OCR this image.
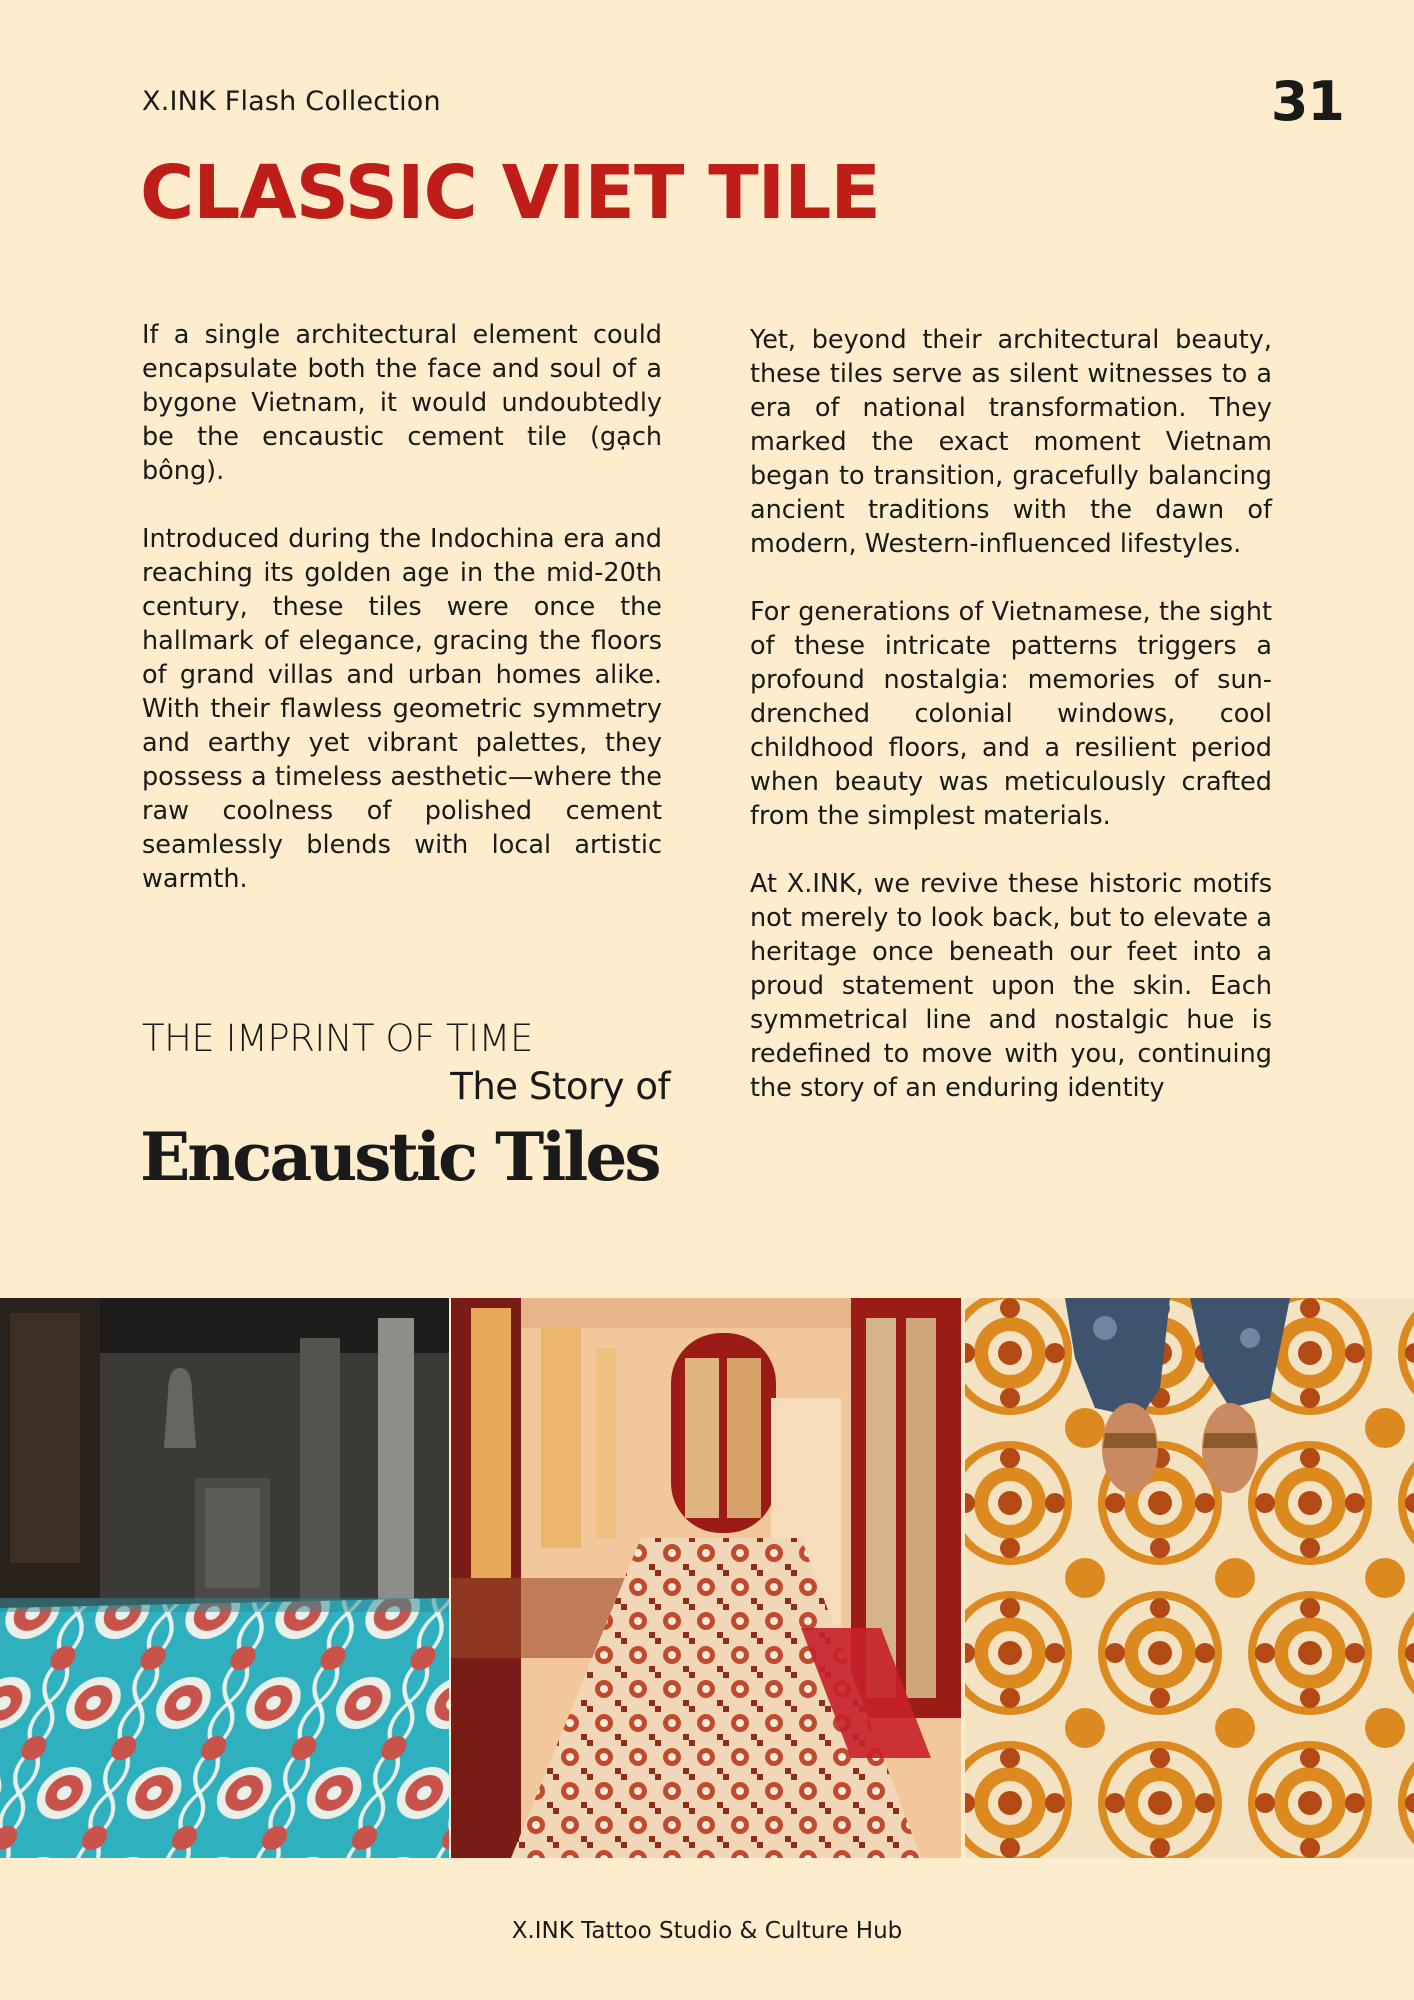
X.INK Flash Collection	31
CLASSIC VIET TILE

If a single architectural element could encapsulate both the face and soul of a bygone Vietnam, it would undoubtedly be the encaustic cement tile (gạch bông).

Introduced during the Indochina era and reaching its golden age in the mid-20th century, these tiles were once the hallmark of elegance, gracing the floors of grand villas and urban homes alike. With their flawless geometric symmetry and earthy yet vibrant palettes, they possess a timeless aesthetic—where the raw coolness of polished cement seamlessly blends with local artistic warmth.

Yet, beyond their architectural beauty, these tiles serve as silent witnesses to a era of national transformation. They marked the exact moment Vietnam began to transition, gracefully balancing ancient traditions with the dawn of modern, Western-influenced lifestyles.

For generations of Vietnamese, the sight of these intricate patterns triggers a profound nostalgia: memories of sun-drenched colonial windows, cool childhood floors, and a resilient period when beauty was meticulously crafted from the simplest materials.

At X.INK, we revive these historic motifs not merely to look back, but to elevate a heritage once beneath our feet into a proud statement upon the skin. Each symmetrical line and nostalgic hue is redefined to move with you, continuing the story of an enduring identity

THE IMPRINT OF TIME
The Story of
Encaustic Tiles
X.INK Tattoo Studio & Culture Hub
